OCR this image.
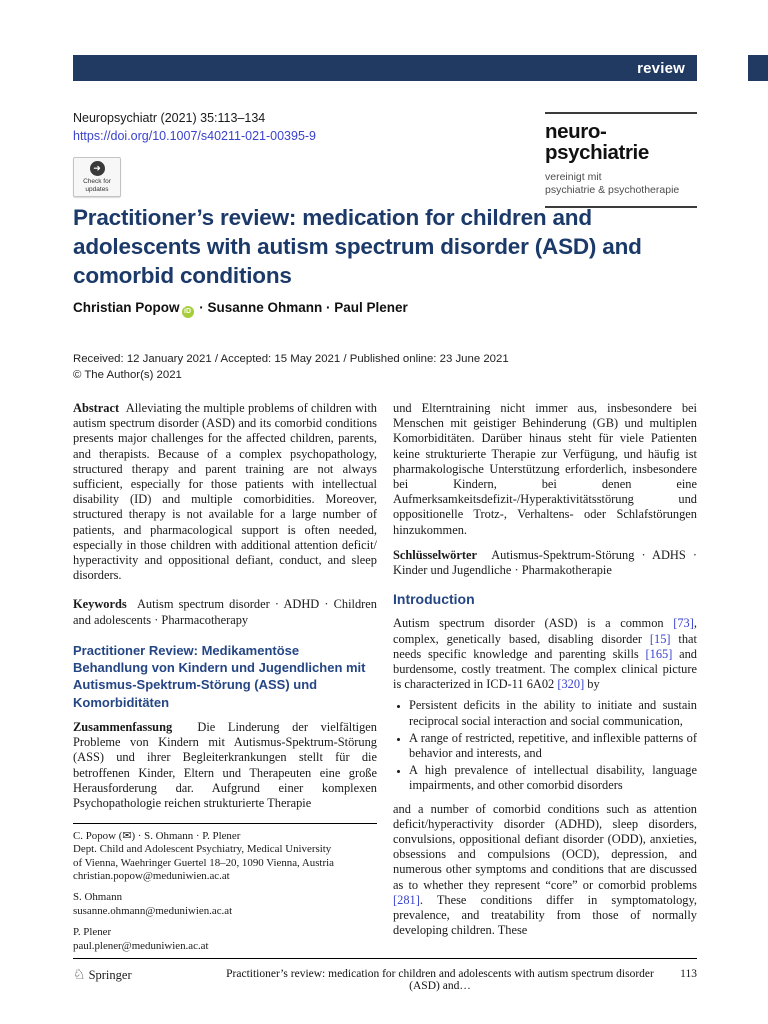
review
Neuropsychiatr (2021) 35:113–134
https://doi.org/10.1007/s40211-021-00395-9
➜
Check for
updates
neuro-
psychiatrie
vereinigt mit
psychiatrie & psychotherapie
Practitioner’s review: medication for children and adolescents with autism spectrum disorder (ASD) and comorbid conditions
Christian Popow iD · Susanne Ohmann · Paul Plener
Received: 12 January 2021 / Accepted: 15 May 2021 / Published online: 23 June 2021
© The Author(s) 2021

Abstract Alleviating the multiple problems of children with autism spectrum disorder (ASD) and its comorbid conditions presents major challenges for the affected children, parents, and therapists. Because of a complex psychopathology, structured therapy and parent training are not always sufficient, especially for those patients with intellectual disability (ID) and multiple comorbidities. Moreover, structured therapy is not available for a large number of patients, and pharmacological support is often needed, especially in those children with additional attention deficit/ hyperactivity and oppositional defiant, conduct, and sleep disorders.

Keywords Autism spectrum disorder · ADHD · Children and adolescents · Pharmacotherapy

Practitioner Review: Medikamentöse Behandlung von Kindern und Jugendlichen mit Autismus-Spektrum-Störung (ASS) und Komorbiditäten

Zusammenfassung Die Linderung der vielfältigen Probleme von Kindern mit Autismus-Spektrum-Störung (ASS) und ihrer Begleiterkrankungen stellt für die betroffenen Kinder, Eltern und Therapeuten eine große Herausforderung dar. Aufgrund einer komplexen Psychopathologie reichen strukturierte Therapie

C. Popow (✉) · S. Ohmann · P. Plener
Dept. Child and Adolescent Psychiatry, Medical University
of Vienna, Waehringer Guertel 18–20, 1090 Vienna, Austria
christian.popow@meduniwien.ac.at
S. Ohmann
susanne.ohmann@meduniwien.ac.at
P. Plener
paul.plener@meduniwien.ac.at

und Elterntraining nicht immer aus, insbesondere bei Menschen mit geistiger Behinderung (GB) und multiplen Komorbiditäten. Darüber hinaus steht für viele Patienten keine strukturierte Therapie zur Verfügung, und häufig ist pharmakologische Unterstützung erforderlich, insbesondere bei Kindern, bei denen eine Aufmerksamkeitsdefizit-/Hyperaktivitätsstörung und oppositionelle Trotz-, Verhaltens- oder Schlafstörungen hinzukommen.

Schlüsselwörter Autismus-Spektrum-Störung · ADHS · Kinder und Jugendliche · Pharmakotherapie

Introduction

Autism spectrum disorder (ASD) is a common [73], complex, genetically based, disabling disorder [15] that needs specific knowledge and parenting skills [165] and burdensome, costly treatment. The complex clinical picture is characterized in ICD-11 6A02 [320] by

• Persistent deficits in the ability to initiate and sustain reciprocal social interaction and social communication,
• A range of restricted, repetitive, and inflexible patterns of behavior and interests, and
• A high prevalence of intellectual disability, language impairments, and other comorbid disorders

and a number of comorbid conditions such as attention deficit/hyperactivity disorder (ADHD), sleep disorders, convulsions, oppositional defiant disorder (ODD), anxieties, obsessions and compulsions (OCD), depression, and numerous other symptoms and conditions that are discussed as to whether they represent “core” or comorbid problems [281]. These conditions differ in symptomatology, prevalence, and treatability from those of normally developing children. These

♘ Springer	Practitioner’s review: medication for children and adolescents with autism spectrum disorder (ASD) and…
113
